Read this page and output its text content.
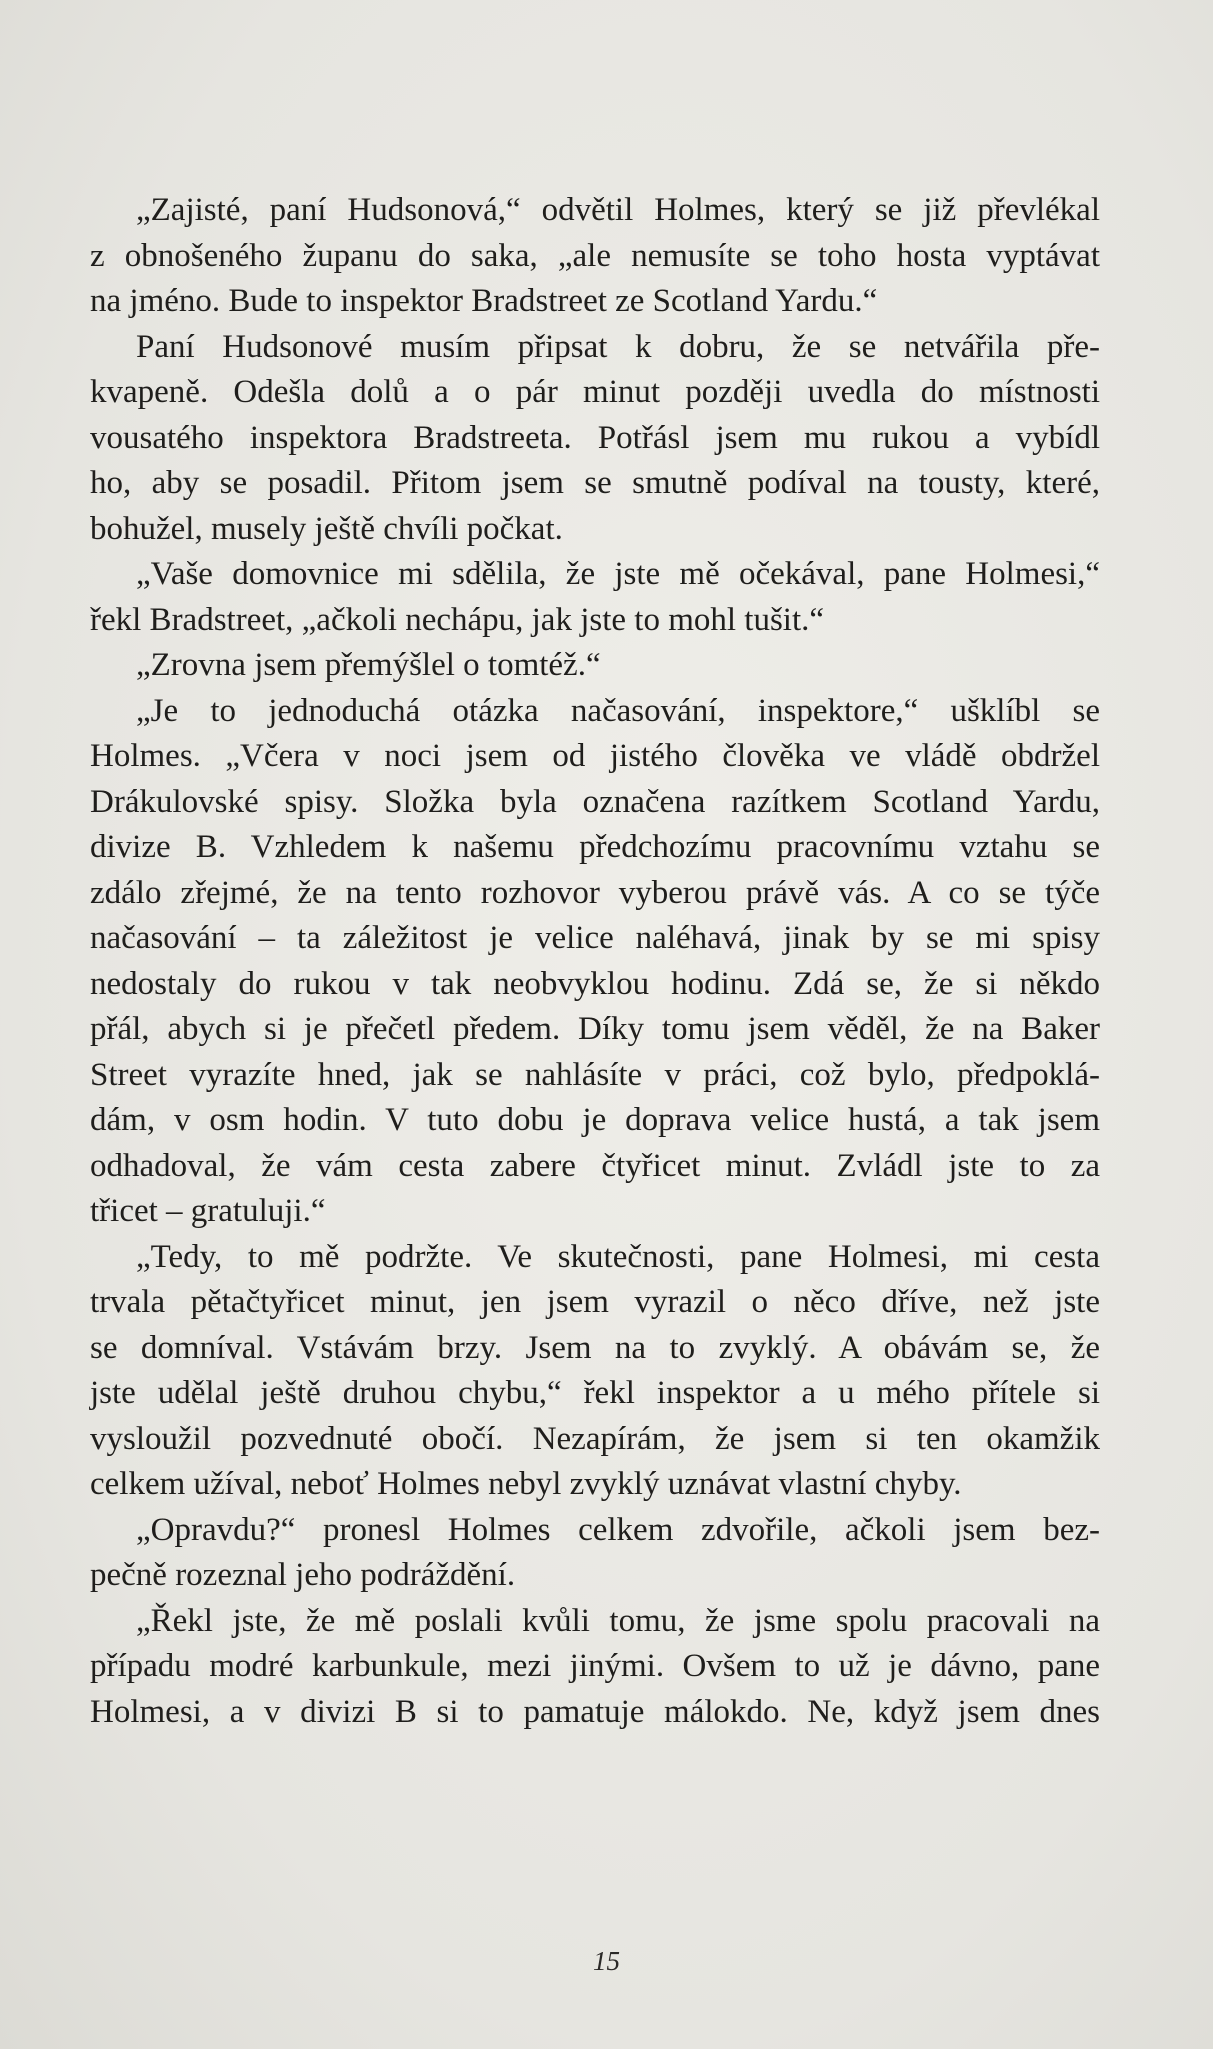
„Zajisté, paní Hudsonová,“ odvětil Holmes, který se již převlékal
z obnošeného županu do saka, „ale nemusíte se toho hosta vyptávat
na jméno. Bude to inspektor Bradstreet ze Scotland Yardu.“
Paní Hudsonové musím připsat k dobru, že se netvářila pře-
kvapeně. Odešla dolů a o pár minut později uvedla do místnosti
vousatého inspektora Bradstreeta. Potřásl jsem mu rukou a vybídl
ho, aby se posadil. Přitom jsem se smutně podíval na tousty, které,
bohužel, musely ještě chvíli počkat.
„Vaše domovnice mi sdělila, že jste mě očekával, pane Holmesi,“
řekl Bradstreet, „ačkoli nechápu, jak jste to mohl tušit.“
„Zrovna jsem přemýšlel o tomtéž.“
„Je to jednoduchá otázka načasování, inspektore,“ ušklíbl se
Holmes. „Včera v noci jsem od jistého člověka ve vládě obdržel
Drákulovské spisy. Složka byla označena razítkem Scotland Yardu,
divize B. Vzhledem k našemu předchozímu pracovnímu vztahu se
zdálo zřejmé, že na tento rozhovor vyberou právě vás. A co se týče
načasování – ta záležitost je velice naléhavá, jinak by se mi spisy
nedostaly do rukou v tak neobvyklou hodinu. Zdá se, že si někdo
přál, abych si je přečetl předem. Díky tomu jsem věděl, že na Baker
Street vyrazíte hned, jak se nahlásíte v práci, což bylo, předpoklá-
dám, v osm hodin. V tuto dobu je doprava velice hustá, a tak jsem
odhadoval, že vám cesta zabere čtyřicet minut. Zvládl jste to za
třicet – gratuluji.“
„Tedy, to mě podržte. Ve skutečnosti, pane Holmesi, mi cesta
trvala pětačtyřicet minut, jen jsem vyrazil o něco dříve, než jste
se domníval. Vstávám brzy. Jsem na to zvyklý. A obávám se, že
jste udělal ještě druhou chybu,“ řekl inspektor a u mého přítele si
vysloužil pozvednuté obočí. Nezapírám, že jsem si ten okamžik
celkem užíval, neboť Holmes nebyl zvyklý uznávat vlastní chyby.
„Opravdu?“ pronesl Holmes celkem zdvořile, ačkoli jsem bez-
pečně rozeznal jeho podráždění.
„Řekl jste, že mě poslali kvůli tomu, že jsme spolu pracovali na
případu modré karbunkule, mezi jinými. Ovšem to už je dávno, pane
Holmesi, a v divizi B si to pamatuje málokdo. Ne, když jsem dnes
15
